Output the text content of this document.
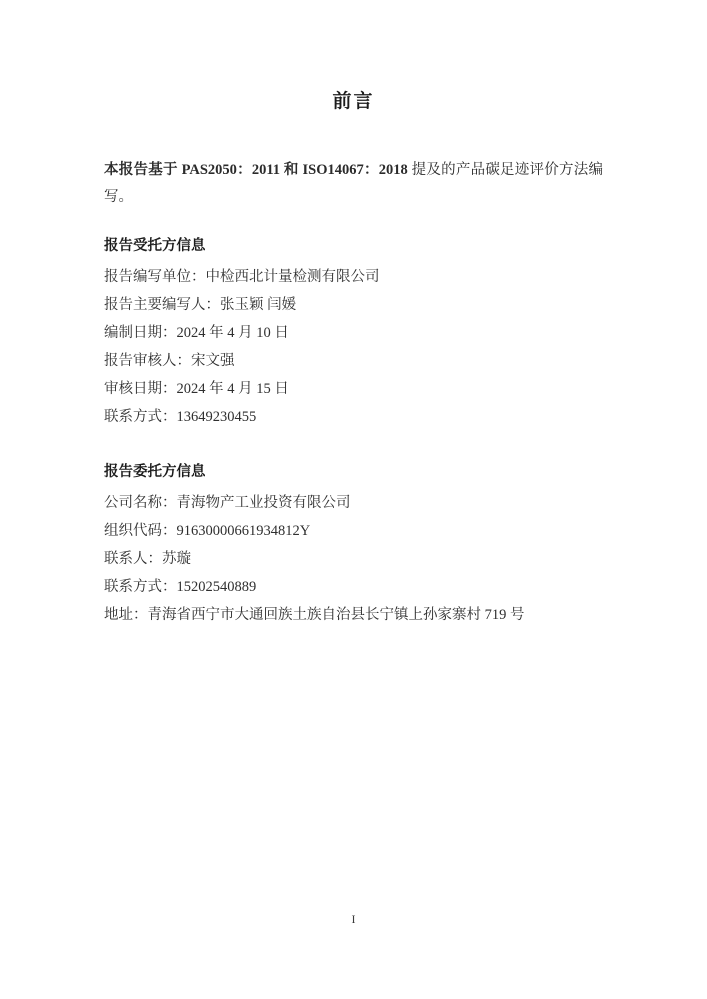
前言

本报告基于 PAS2050：2011 和 ISO14067：2018 提及的产品碳足迹评价方法编写。

报告受托方信息

报告编写单位：中检西北计量检测有限公司

报告主要编写人：张玉颖 闫媛

编制日期：2024 年 4 月 10 日

报告审核人：宋文强

审核日期：2024 年 4 月 15 日

联系方式：13649230455

报告委托方信息

公司名称：青海物产工业投资有限公司

组织代码：91630000661934812Y

联系人：苏璇

联系方式：15202540889

地址：青海省西宁市大通回族土族自治县长宁镇上孙家寨村 719 号

I
